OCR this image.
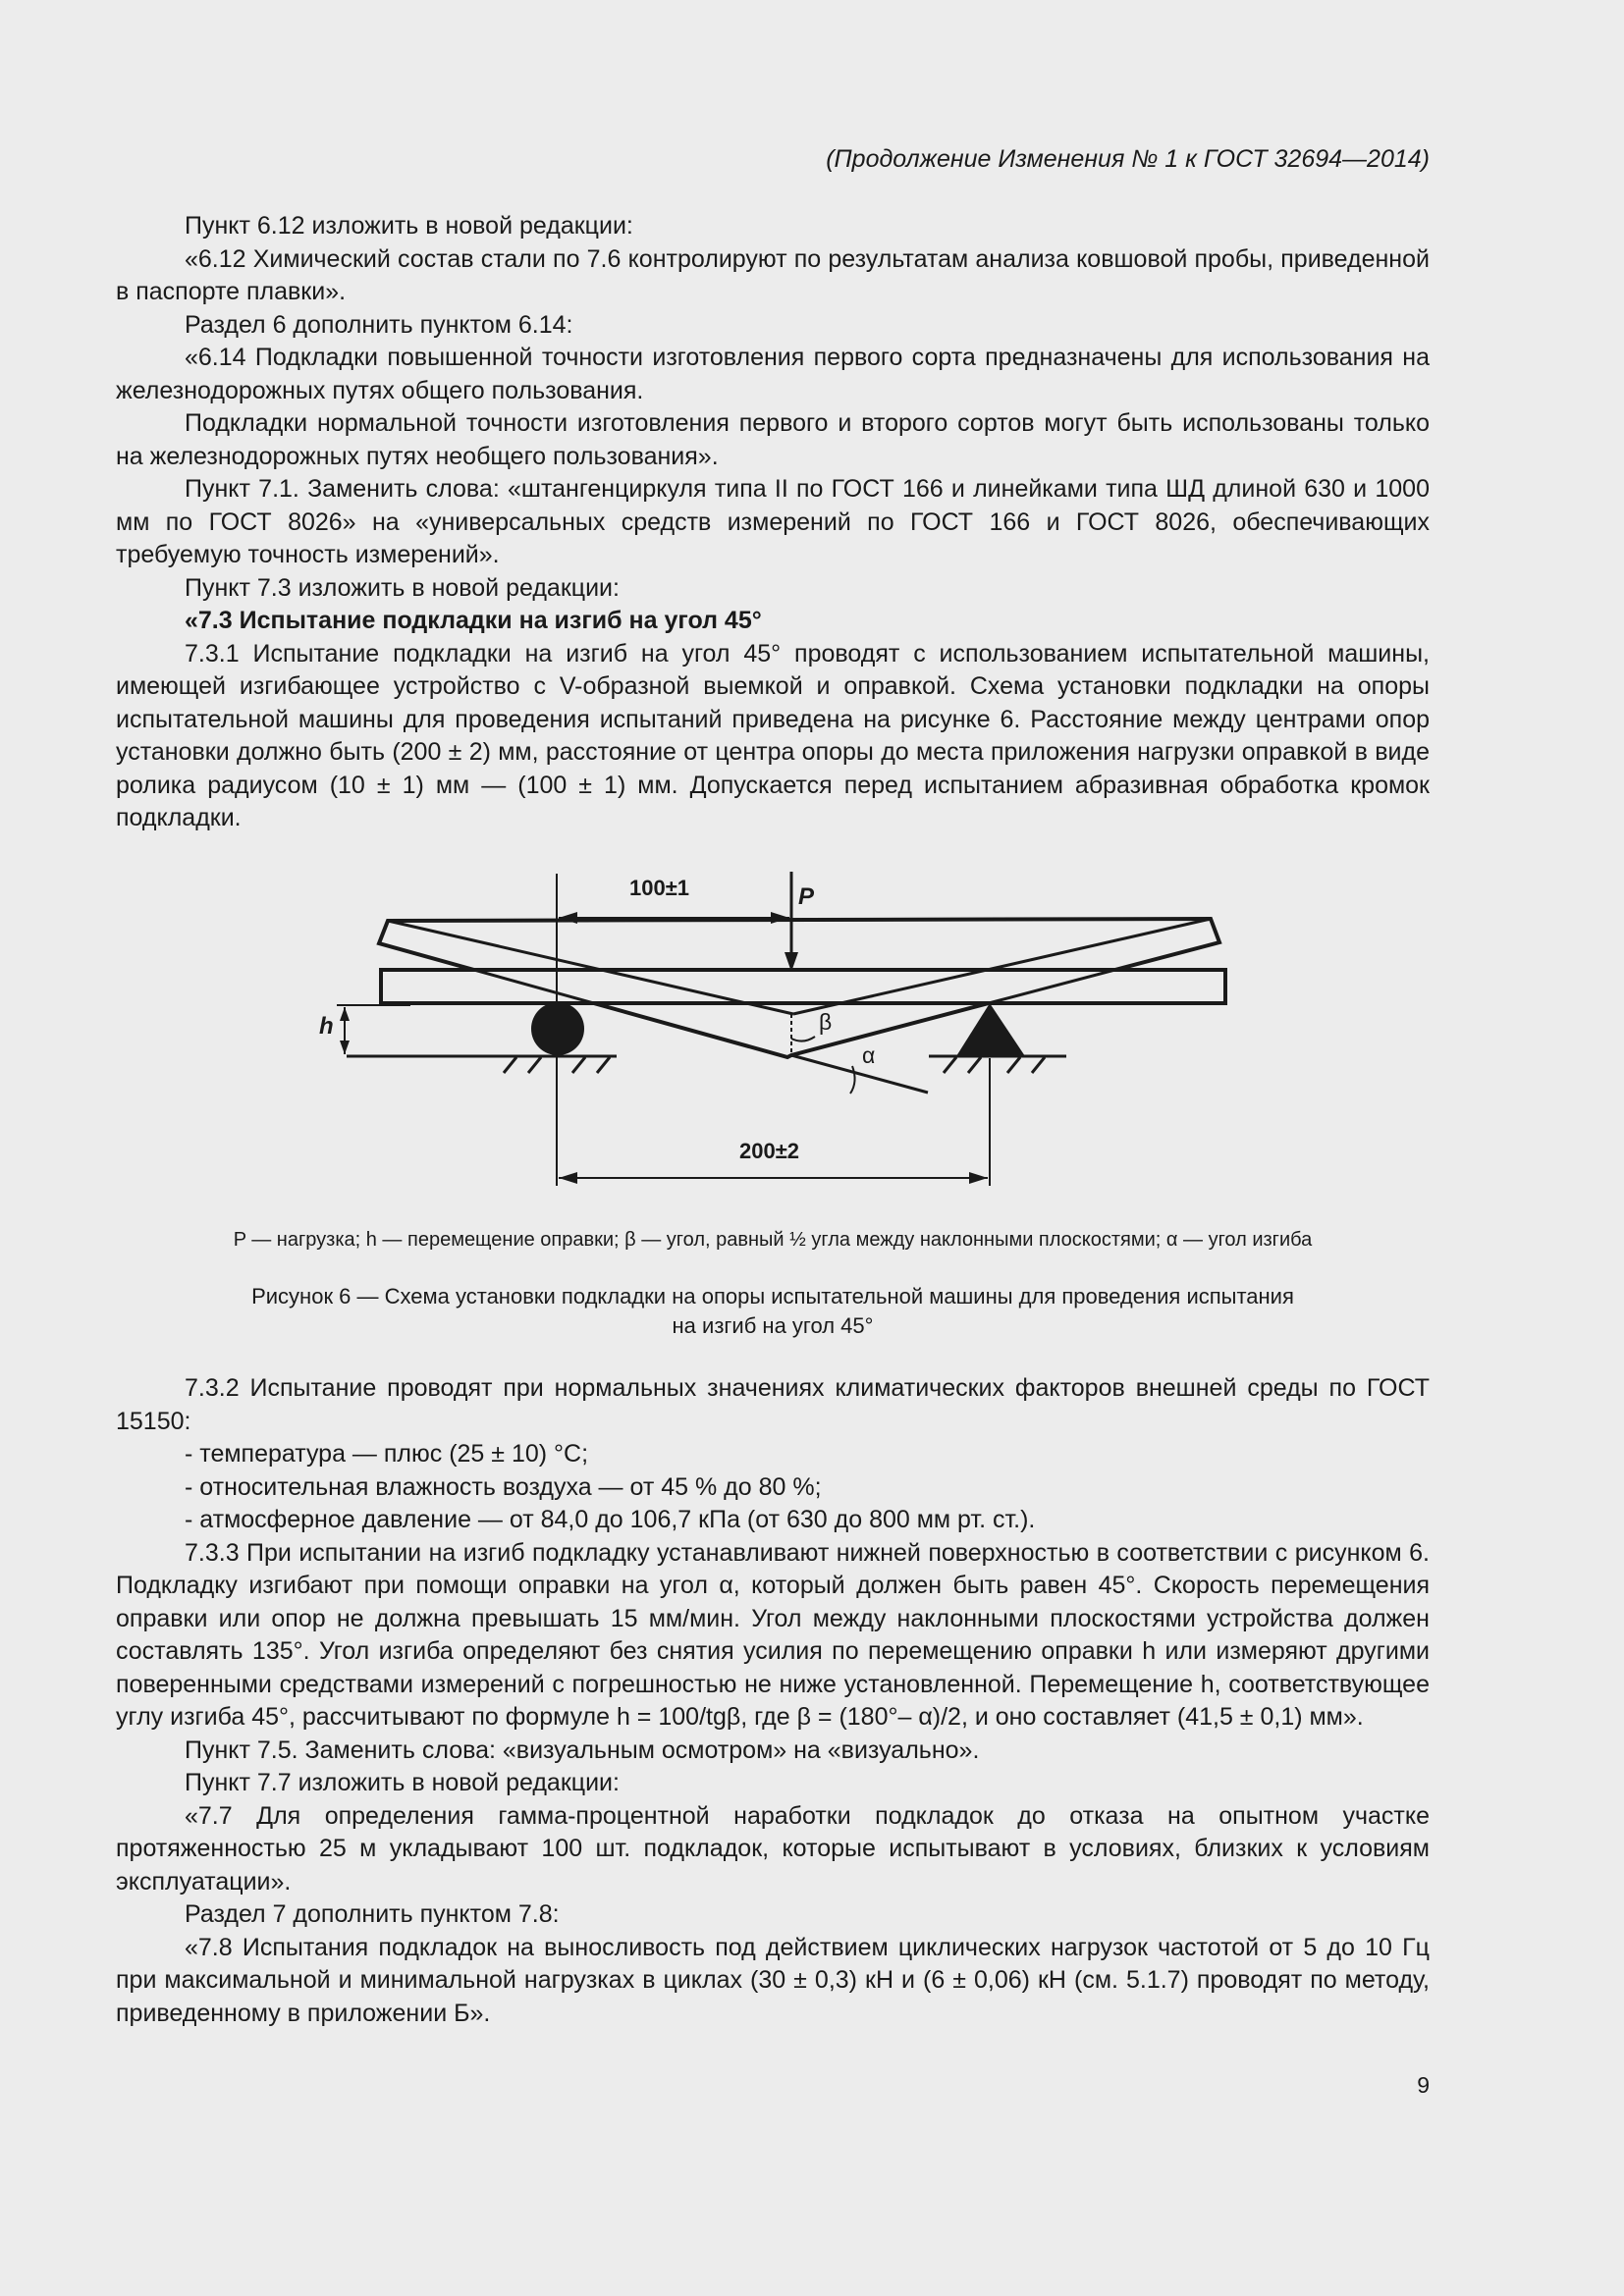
(Продолжение Изменения № 1 к ГОСТ 32694—2014)

Пункт 6.12 изложить в новой редакции:

«6.12 Химический состав стали по 7.6 контролируют по результатам анализа ковшовой пробы, приведенной в паспорте плавки».

Раздел 6 дополнить пунктом 6.14:

«6.14 Подкладки повышенной точности изготовления первого сорта предназначены для использования на железнодорожных путях общего пользования.

Подкладки нормальной точности изготовления первого и второго сортов могут быть использованы только на железнодорожных путях необщего пользования».

Пункт 7.1. Заменить слова: «штангенциркуля типа II по ГОСТ 166 и линейками типа ШД длиной 630 и 1000 мм по ГОСТ 8026» на «универсальных средств измерений по ГОСТ 166 и ГОСТ 8026, обеспечивающих требуемую точность измерений».

Пункт 7.3 изложить в новой редакции:

«7.3 Испытание подкладки на изгиб на угол 45°

7.3.1 Испытание подкладки на изгиб на угол 45° проводят с использованием испытательной машины, имеющей изгибающее устройство с V-образной выемкой и оправкой. Схема установки подкладки на опоры испытательной машины для проведения испытаний приведена на рисунке 6. Расстояние между центрами опор установки должно быть (200 ± 2) мм, расстояние от центра опоры до места приложения нагрузки оправкой в виде ролика радиусом (10 ± 1) мм — (100 ± 1) мм. Допускается перед испытанием абразивная обработка кромок подкладки.

100±1	P
h	β
α
200±2
P — нагрузка; h — перемещение оправки; β — угол, равный ½ угла между наклонными плоскостями; α — угол изгиба
Рисунок 6 — Схема установки подкладки на опоры испытательной машины для проведения испытания
на изгиб на угол 45°

7.3.2 Испытание проводят при нормальных значениях климатических факторов внешней среды по ГОСТ 15150:

- температура — плюс (25 ± 10) °С;

- относительная влажность воздуха — от 45 % до 80 %;

- атмосферное давление — от 84,0 до 106,7 кПа (от 630 до 800 мм рт. ст.).

7.3.3 При испытании на изгиб подкладку устанавливают нижней поверхностью в соответствии с рисунком 6. Подкладку изгибают при помощи оправки на угол α, который должен быть равен 45°. Скорость перемещения оправки или опор не должна превышать 15 мм/мин. Угол между наклонными плоскостями устройства должен составлять 135°. Угол изгиба определяют без снятия усилия по перемещению оправки h или измеряют другими поверенными средствами измерений с погрешностью не ниже установленной. Перемещение h, соответствующее углу изгиба 45°, рассчитывают по формуле h = 100/tgβ, где β = (180°– α)/2, и оно составляет (41,5 ± 0,1) мм».

Пункт 7.5. Заменить слова: «визуальным осмотром» на «визуально».

Пункт 7.7 изложить в новой редакции:

«7.7 Для определения гамма-процентной наработки подкладок до отказа на опытном участке протяженностью 25 м укладывают 100 шт. подкладок, которые испытывают в условиях, близких к условиям эксплуатации».

Раздел 7 дополнить пунктом 7.8:

«7.8 Испытания подкладок на выносливость под действием циклических нагрузок частотой от 5 до 10 Гц при максимальной и минимальной нагрузках в циклах (30 ± 0,3) кН и (6 ± 0,06) кН (см. 5.1.7) проводят по методу, приведенному в приложении Б».

9
